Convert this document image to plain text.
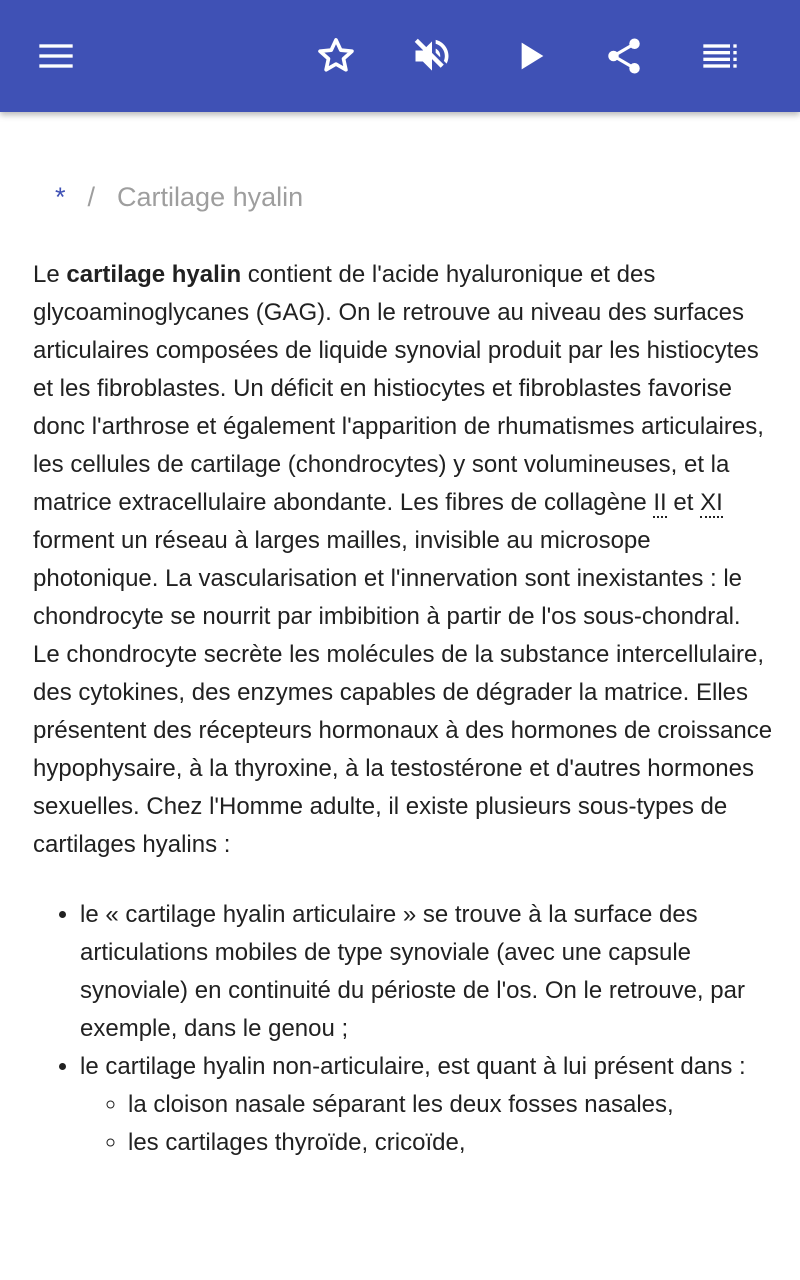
* / Cartilage hyalin

Le cartilage hyalin contient de l'acide hyaluronique et des glycoaminoglycanes (GAG). On le retrouve au niveau des surfaces articulaires composées de liquide synovial produit par les histiocytes et les fibroblastes. Un déficit en histiocytes et fibroblastes favorise donc l'arthrose et également l'apparition de rhumatismes articulaires, les cellules de cartilage (chondrocytes) y sont volumineuses, et la matrice extracellulaire abondante. Les fibres de collagène II et XI forment un réseau à larges mailles, invisible au microsope photonique. La vascularisation et l'innervation sont inexistantes : le chondrocyte se nourrit par imbibition à partir de l'os sous-chondral. Le chondrocyte secrète les molécules de la substance intercellulaire, des cytokines, des enzymes capables de dégrader la matrice. Elles présentent des récepteurs hormonaux à des hormones de croissance hypophysaire, à la thyroxine, à la testostérone et d'autres hormones sexuelles. Chez l'Homme adulte, il existe plusieurs sous-types de cartilages hyalins :

• le « cartilage hyalin articulaire » se trouve à la surface des articulations mobiles de type synoviale (avec une capsule synoviale) en continuité du périoste de l'os. On le retrouve, par exemple, dans le genou ;
• le cartilage hyalin non-articulaire, est quant à lui présent dans :
◦ la cloison nasale séparant les deux fosses nasales,
◦ les cartilages thyroïde, cricoïde,
